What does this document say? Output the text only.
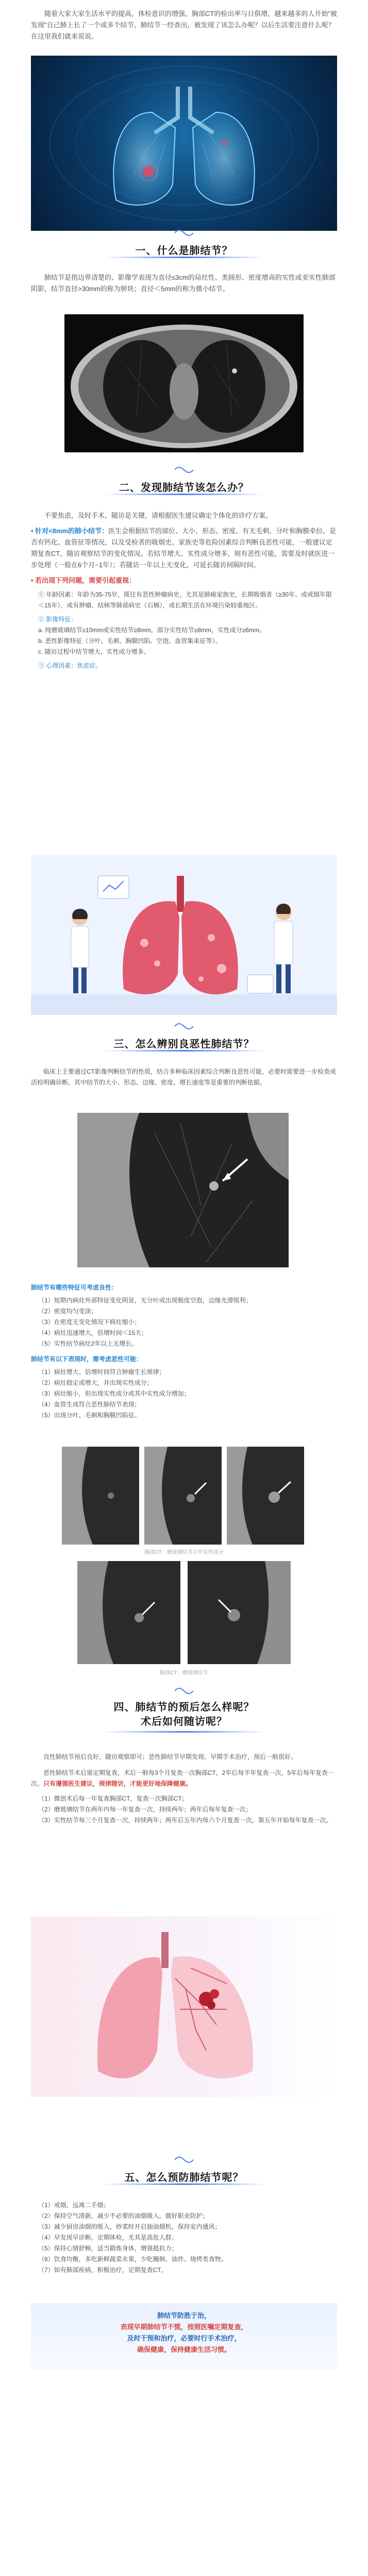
随着大家大家生活水平的提高，体检意识的增强，胸部CT的检出率与日俱增，越来越多的人开始"被发现"自己肺上长了一个或多个结节。肺结节一经查出，被发现了该怎么办呢？以后生活要注意什么呢？在这里我们就来说说。

一、什么是肺结节？

肺结节是指边界清楚的、影像学表现为直径≤3cm的局灶性、类圆形、密度增高的实性或亚实性肺部阴影，结节直径>30mm的称为肿块；直径＜5mm的称为微小结节。

二、发现肺结节该怎么办？

不要焦虑，及时手术、随访是关键，请根据医生建议确定个体化的诊疗方案。

• 针对<8mm的肺小结节：医生会根据结节的部位、大小、形态、密度、有无毛刺、分叶和胸膜牵拉、是否有钙化、血管征等情况，以及受检者的吸烟史、家族史等危险因素综合判断良恶性可能，一般建议定期复查CT，随访观察结节的变化情况。若结节增大、实性成分增多，则有恶性可能，需要及时就医进一步处理（一般在6个月~1年）；若随访一年以上无变化，可延长随访间隔时间。

• 若出现下列问题，需要引起重视：

① 年龄因素：年龄为35-75岁，既往有恶性肿瘤病史，尤其是肺癌家族史，长期吸烟者（≥30年、或戒烟年限＜15年），或有肿瘤、结核等肺部病史（石棉），或长期生活在环境污染较重地区。
② 影像特征：
a. 纯磨玻璃结节≥10mm或实性结节≥8mm，部分实性结节≥8mm，实性成分≥6mm。
b. 恶性影像特征（分叶、毛刺、胸膜凹陷、空泡、血管集束征等）。
c. 随访过程中结节增大、实性成分增多。
③ 心理因素：焦虑症。
三、怎么辨别良恶性肺结节？

临床上主要通过CT影像判断结节的性质，结合多种临床因素综合判断良恶性可能，必要时需要进一步检查或活检明确诊断。其中结节的大小、形态、边缘、密度、增长速度等是重要的判断依据。

肺结节有哪些特征可考虑良性：

（1）短期内病灶外部特征变化明显，无分叶或出现极度空泡，边缘光滑锐利；
（2）密度均匀变淡；
（3）在密度无变化情况下病灶缩小；
（4）病灶迅速增大，倍增时间＜15天；
（5）实性结节病灶2年以上无增长。

肺结节有以下表现时，需考虑恶性可能：

（1）病灶增大、倍增时间符合肿瘤生长规律；
（2）病灶稳定或增大，并出现实性成分；
（3）病灶缩小，但出现实性成分或其中实性成分增加；
（4）血管生成符合恶性肺结节表现；
（5）出现分叶、毛刺和胸膜凹陷征。
胸部CT：磨玻璃结节合并实性成分
胸部CT：磨玻璃结节
四、肺结节的预后怎么样呢？
术后如何随访呢？

良性肺结节预后良好，随访观察即可；恶性肺结节早期发现、早期手术治疗，预后一般很好。

恶性肺结节术后需定期复查，术后一般每3个月复查一次胸部CT，2年后每半年复查一次，5年后每年复查一次。只有遵循医生建议，规律随访，才能更好地保障健康。

（1）微创术后每一年复查胸部CT，复查一次胸部CT；
（2）磨玻璃结节在两年内每一年复查一次，持续两年；两年后每年复查一次；
（3）实性结节每三个月复查一次，持续两年；两年后五年内每六个月复查一次，第五年开始每年复查一次。
五、怎么预防肺结节呢？
（1）戒烟，远离二手烟；
（2）保持空气清新，减少不必要的油烟吸入，做好职业防护；
（3）减少厨房油烟的吸入，炒菜时开启抽油烟机，保持室内通风；
（4）早发现早诊断，定期体检，尤其是高危人群；
（5）保持心情舒畅，适当锻炼身体，增强抵抗力；
（6）饮食均衡，多吃新鲜蔬菜水果，少吃腌制、油炸、烧烤类食物。
（7）如有肺部疾病，积极治疗，定期复查CT。
肺结节防胜于治，
表现早期肺结节不慌，按照医嘱定期复查，
及时干预和治疗，必要时行手术治疗，
确保健康，保持健康生活习惯。
